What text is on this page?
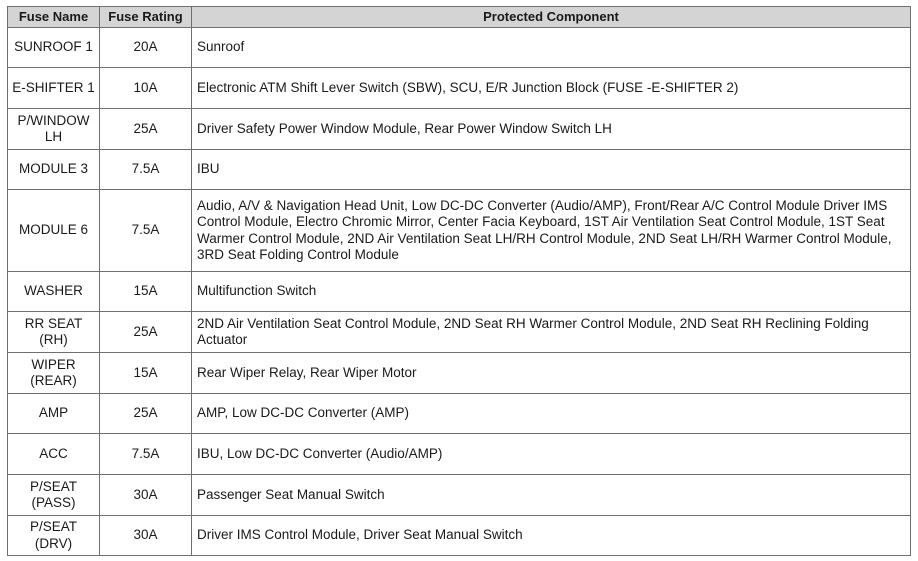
Fuse Name	Fuse Rating	Protected Component
SUNROOF 1	20A	Sunroof
E-SHIFTER 1	10A	Electronic ATM Shift Lever Switch (SBW), SCU, E/R Junction Block (FUSE -E-SHIFTER 2)
P/WINDOW LH	25A	Driver Safety Power Window Module, Rear Power Window Switch LH
MODULE 3	7.5A	IBU
MODULE 6	7.5A	Audio, A/V & Navigation Head Unit, Low DC-DC Converter (Audio/AMP), Front/Rear A/C Control Module Driver IMS Control Module, Electro Chromic Mirror, Center Facia Keyboard, 1ST Air Ventilation Seat Control Module, 1ST Seat Warmer Control Module, 2ND Air Ventilation Seat LH/RH Control Module, 2ND Seat LH/RH Warmer Control Module, 3RD Seat Folding Control Module
WASHER	15A	Multifunction Switch
RR SEAT (RH)	25A	2ND Air Ventilation Seat Control Module, 2ND Seat RH Warmer Control Module, 2ND Seat RH Reclining Folding Actuator
WIPER (REAR)	15A	Rear Wiper Relay, Rear Wiper Motor
AMP	25A	AMP, Low DC-DC Converter (AMP)
ACC	7.5A	IBU, Low DC-DC Converter (Audio/AMP)
P/SEAT (PASS)	30A	Passenger Seat Manual Switch
P/SEAT (DRV)	30A	Driver IMS Control Module, Driver Seat Manual Switch
